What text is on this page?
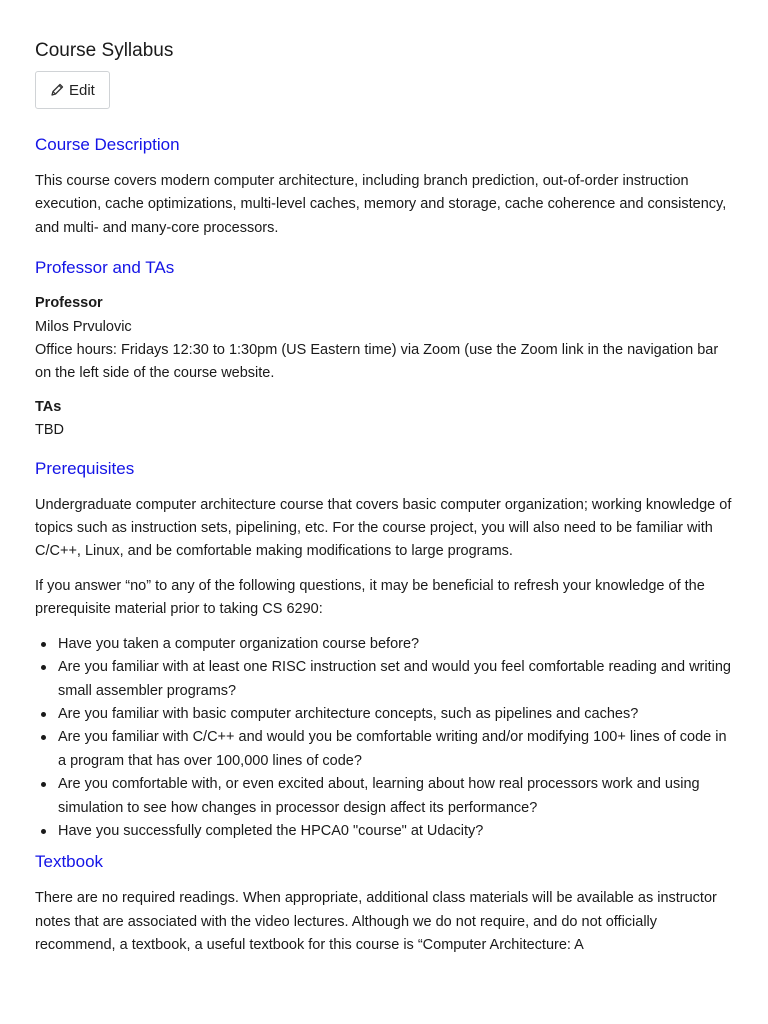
Course Syllabus
Edit
Course Description

This course covers modern computer architecture, including branch prediction, out-of-order instruction execution, cache optimizations, multi-level caches, memory and storage, cache coherence and consistency, and multi- and many-core processors.

Professor and TAs
Professor
Milos Prvulovic
Office hours: Fridays 12:30 to 1:30pm (US Eastern time) via Zoom (use the Zoom link in the navigation bar on the left side of the course website.
TAs
TBD
Prerequisites

Undergraduate computer architecture course that covers basic computer organization; working knowledge of topics such as instruction sets, pipelining, etc. For the course project, you will also need to be familiar with C/C++, Linux, and be comfortable making modifications to large programs.

If you answer “no” to any of the following questions, it may be beneficial to refresh your knowledge of the prerequisite material prior to taking CS 6290:

Have you taken a computer organization course before?
Are you familiar with at least one RISC instruction set and would you feel comfortable reading and writing small assembler programs?
Are you familiar with basic computer architecture concepts, such as pipelines and caches?
Are you familiar with C/C++ and would you be comfortable writing and/or modifying 100+ lines of code in a program that has over 100,000 lines of code?
Are you comfortable with, or even excited about, learning about how real processors work and using simulation to see how changes in processor design affect its performance?
Have you successfully completed the HPCA0 "course" at Udacity?
Textbook

There are no required readings. When appropriate, additional class materials will be available as instructor notes that are associated with the video lectures. Although we do not require, and do not officially recommend, a textbook, a useful textbook for this course is “Computer Architecture: A
